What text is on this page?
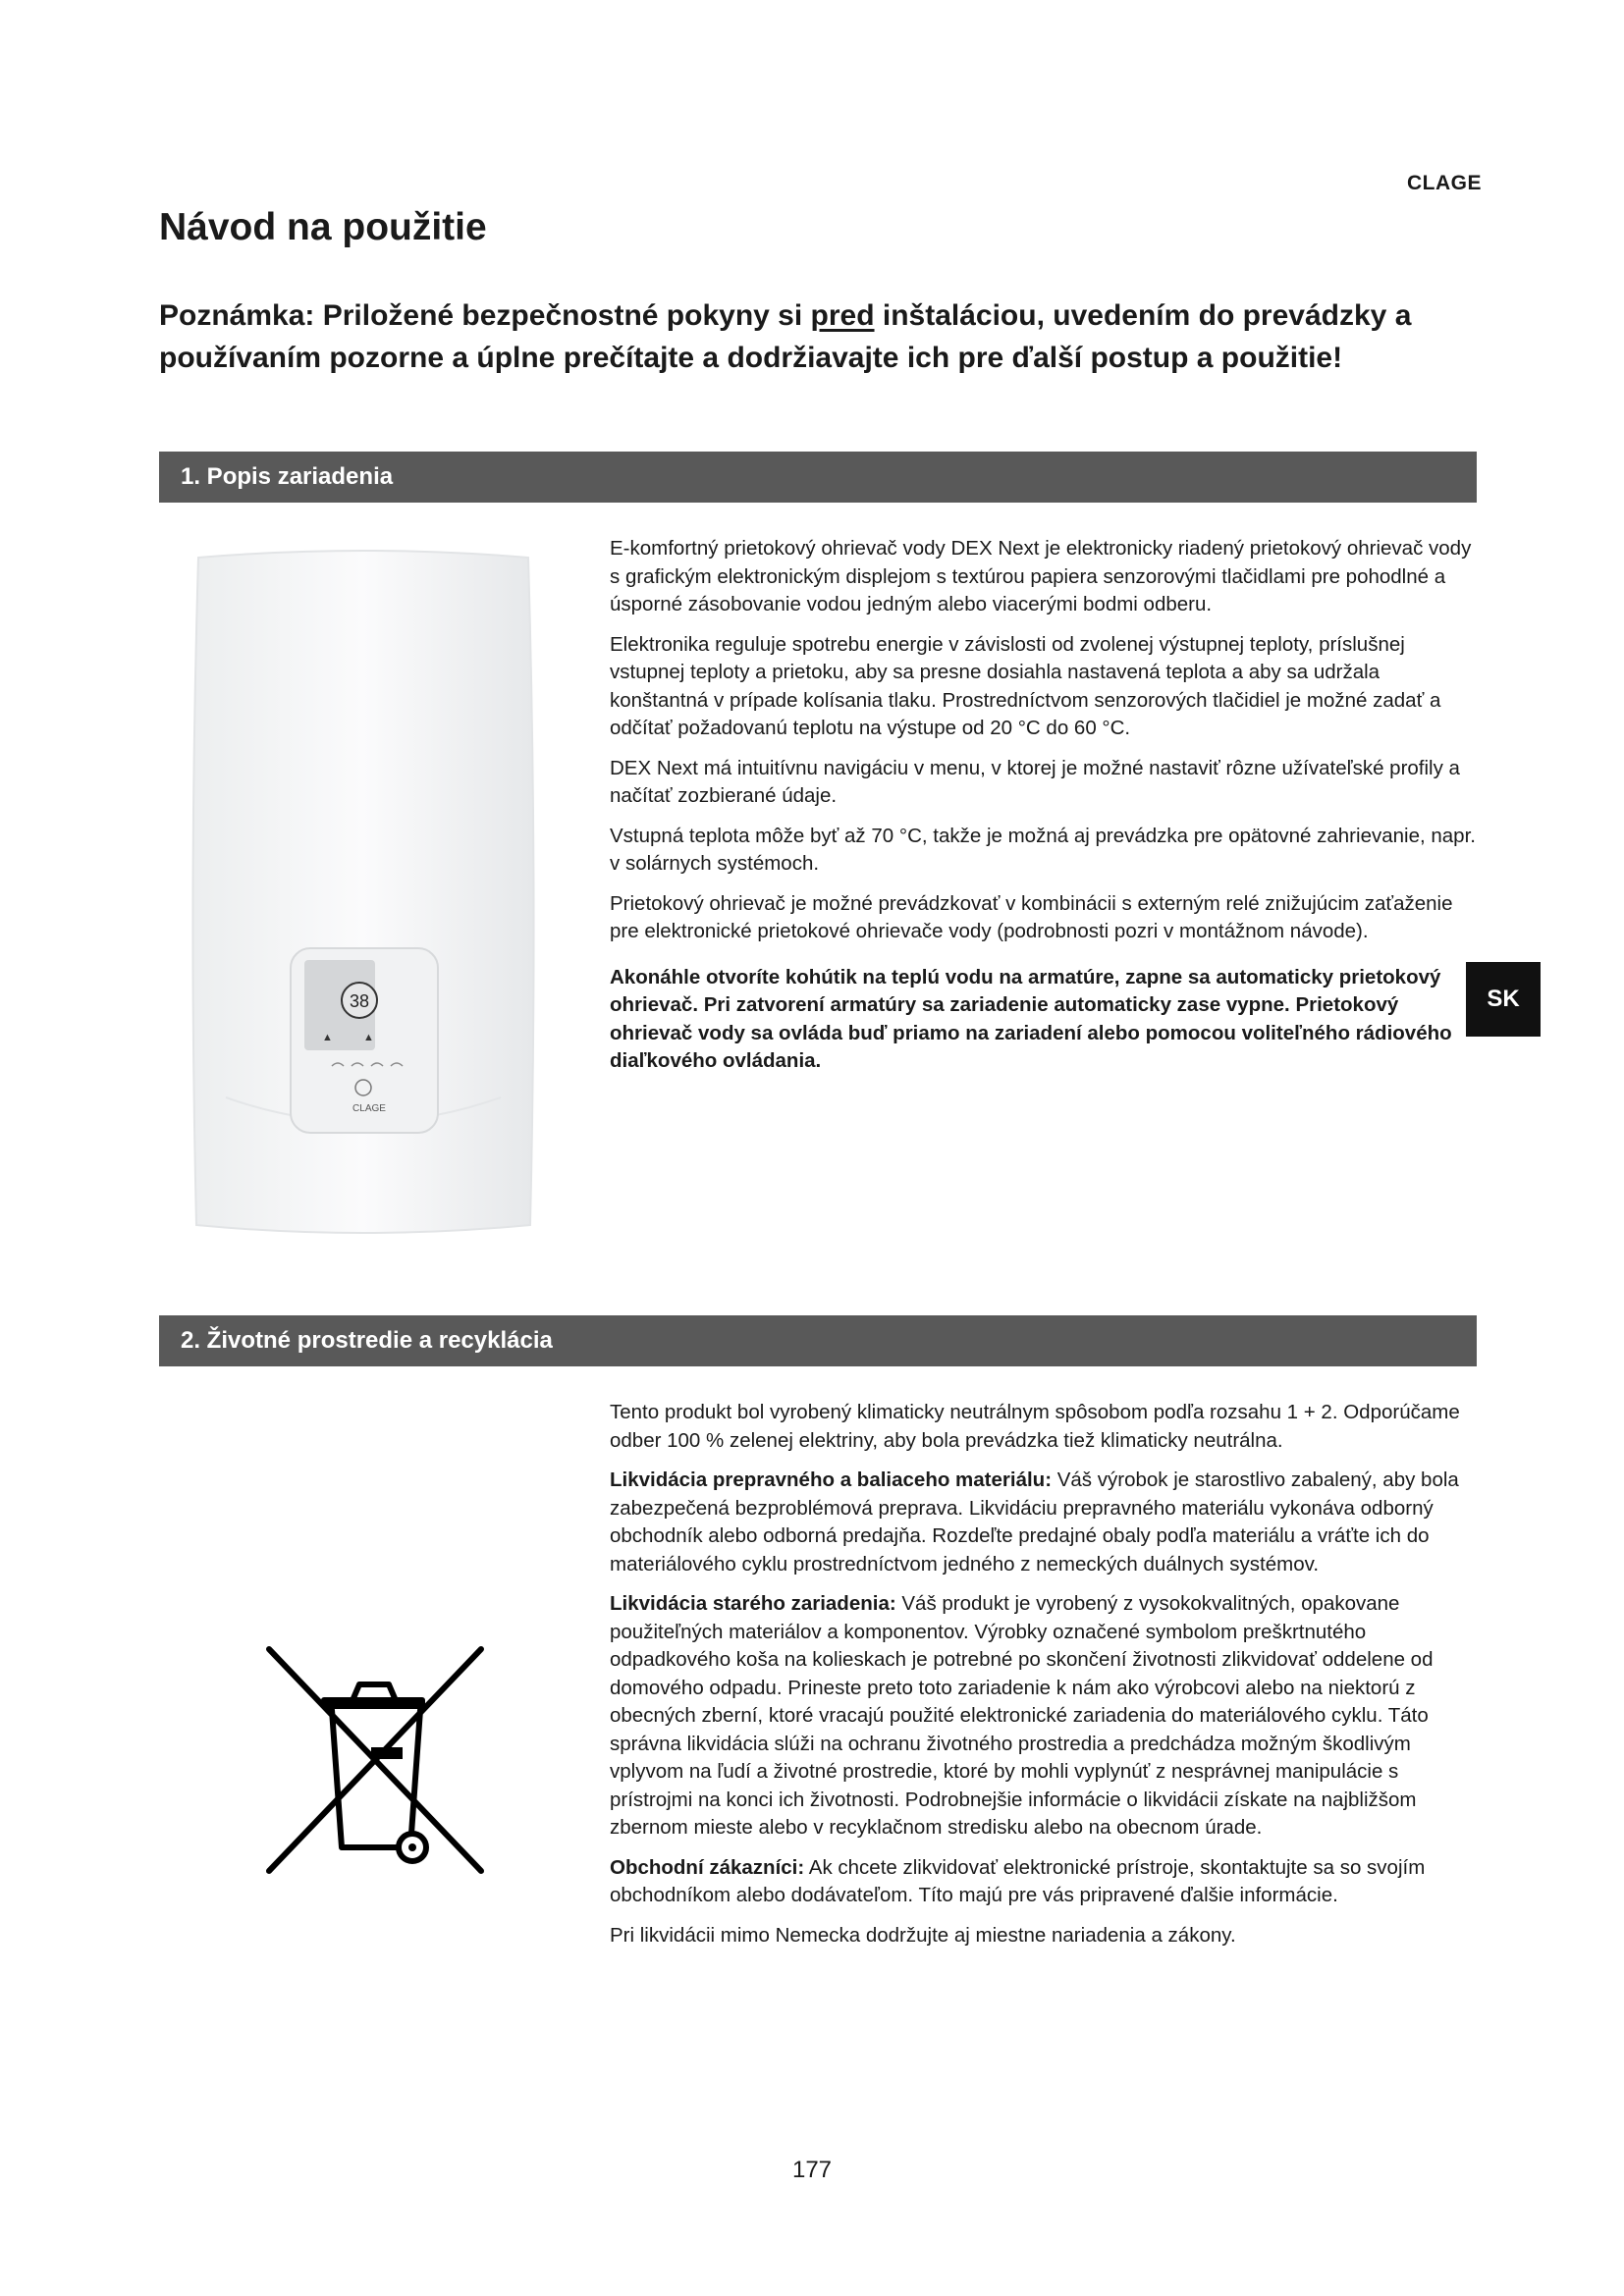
CLAGE
Návod na použitie
Poznámka: Priložené bezpečnostné pokyny si pred inštaláciou, uvedením do prevádzky a používaním pozorne a úplne prečítajte a dodržiavajte ich pre ďalší postup a použitie!
1. Popis zariadenia
38
▲	▲
CLAGE

E-komfortný prietokový ohrievač vody DEX Next je elektronicky riadený prietokový ohrievač vody s grafickým elektronickým displejom s textúrou papiera senzorovými tlačidlami pre pohodlné a úsporné zásobovanie vodou jedným alebo viacerými bodmi odberu.

Elektronika reguluje spotrebu energie v závislosti od zvolenej výstupnej teploty, príslušnej vstupnej teploty a prietoku, aby sa presne dosiahla nastavená teplota a aby sa udržala konštantná v prípade kolísania tlaku. Prostredníctvom senzorových tlačidiel je možné zadať a odčítať požadovanú teplotu na výstupe od 20 °C do 60 °C.

DEX Next má intuitívnu navigáciu v menu, v ktorej je možné nastaviť rôzne užívateľské profily a načítať zozbierané údaje.

Vstupná teplota môže byť až 70 °C, takže je možná aj prevádzka pre opätovné zahrievanie, napr. v solárnych systémoch.

Prietokový ohrievač je možné prevádzkovať v kombinácii s externým relé znižujúcim zaťaženie pre elektronické prietokové ohrievače vody (podrobnosti pozri v montážnom návode).

Akonáhle otvoríte kohútik na teplú vodu na armatúre, zapne sa automaticky prietokový ohrievač. Pri zatvorení armatúry sa zariadenie automaticky zase vypne. Prietokový ohrievač vody sa ovláda buď priamo na zariadení alebo pomocou voliteľného rádiového diaľkového ovládania.

2. Životné prostredie a recyklácia

Tento produkt bol vyrobený klimaticky neutrálnym spôsobom podľa rozsahu 1 + 2. Odporúčame odber 100 % zelenej elektriny, aby bola prevádzka tiež klimaticky neutrálna.

Likvidácia prepravného a baliaceho materiálu: Váš výrobok je starostlivo zabalený, aby bola zabezpečená bezproblémová preprava. Likvidáciu prepravného materiálu vykonáva odborný obchodník alebo odborná predajňa. Rozdeľte predajné obaly podľa materiálu a vráťte ich do materiálového cyklu prostredníctvom jedného z nemeckých duálnych systémov.

Likvidácia starého zariadenia: Váš produkt je vyrobený z vysokokvalitných, opakovane použiteľných materiálov a komponentov. Výrobky označené symbolom preškrtnutého odpadkového koša na kolieskach je potrebné po skončení životnosti zlikvidovať oddelene od domového odpadu. Prineste preto toto zariadenie k nám ako výrobcovi alebo na niektorú z obecných zberní, ktoré vracajú použité elektronické zariadenia do materiálového cyklu. Táto správna likvidácia slúži na ochranu životného prostredia a predchádza možným škodlivým vplyvom na ľudí a životné prostredie, ktoré by mohli vyplynúť z nesprávnej manipulácie s prístrojmi na konci ich životnosti. Podrobnejšie informácie o likvidácii získate na najbližšom zbernom mieste alebo v recyklačnom stredisku alebo na obecnom úrade.

Obchodní zákazníci: Ak chcete zlikvidovať elektronické prístroje, skontaktujte sa so svojím obchodníkom alebo dodávateľom. Títo majú pre vás pripravené ďalšie informácie.

Pri likvidácii mimo Nemecka dodržujte aj miestne nariadenia a zákony.

SK
177
